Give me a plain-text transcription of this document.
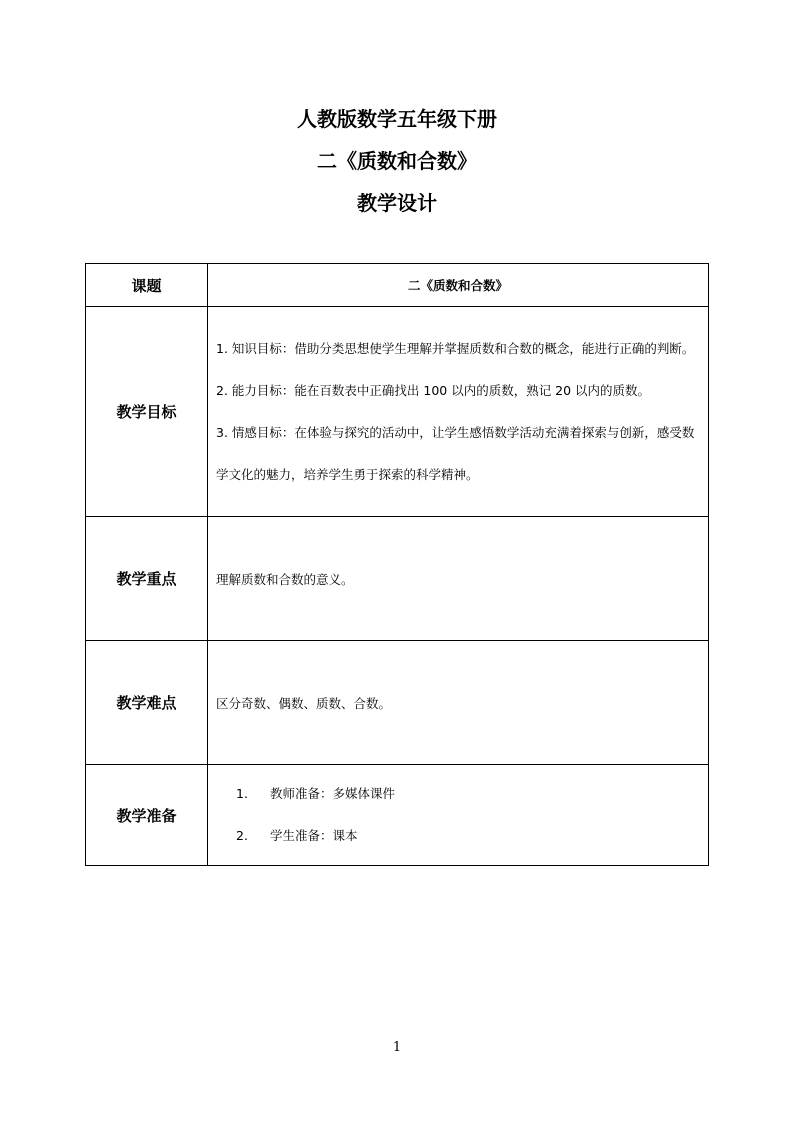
人教版数学五年级下册
二《质数和合数》
教学设计
课题	二《质数和合数》
教学目标	1. 知识目标：借助分类思想使学生理解并掌握质数和合数的概念，能进行正确的判断。

2. 能力目标：能在百数表中正确找出 100 以内的质数，熟记 20 以内的质数。

3. 情感目标：在体验与探究的活动中，让学生感悟数学活动充满着探索与创新，感受数学文化的魅力，培养学生勇于探索的科学精神。

教学重点	理解质数和合数的意义。

教学难点	区分奇数、偶数、质数、合数。

教学准备	1. 教师准备：多媒体课件
2. 学生准备：课本
1
